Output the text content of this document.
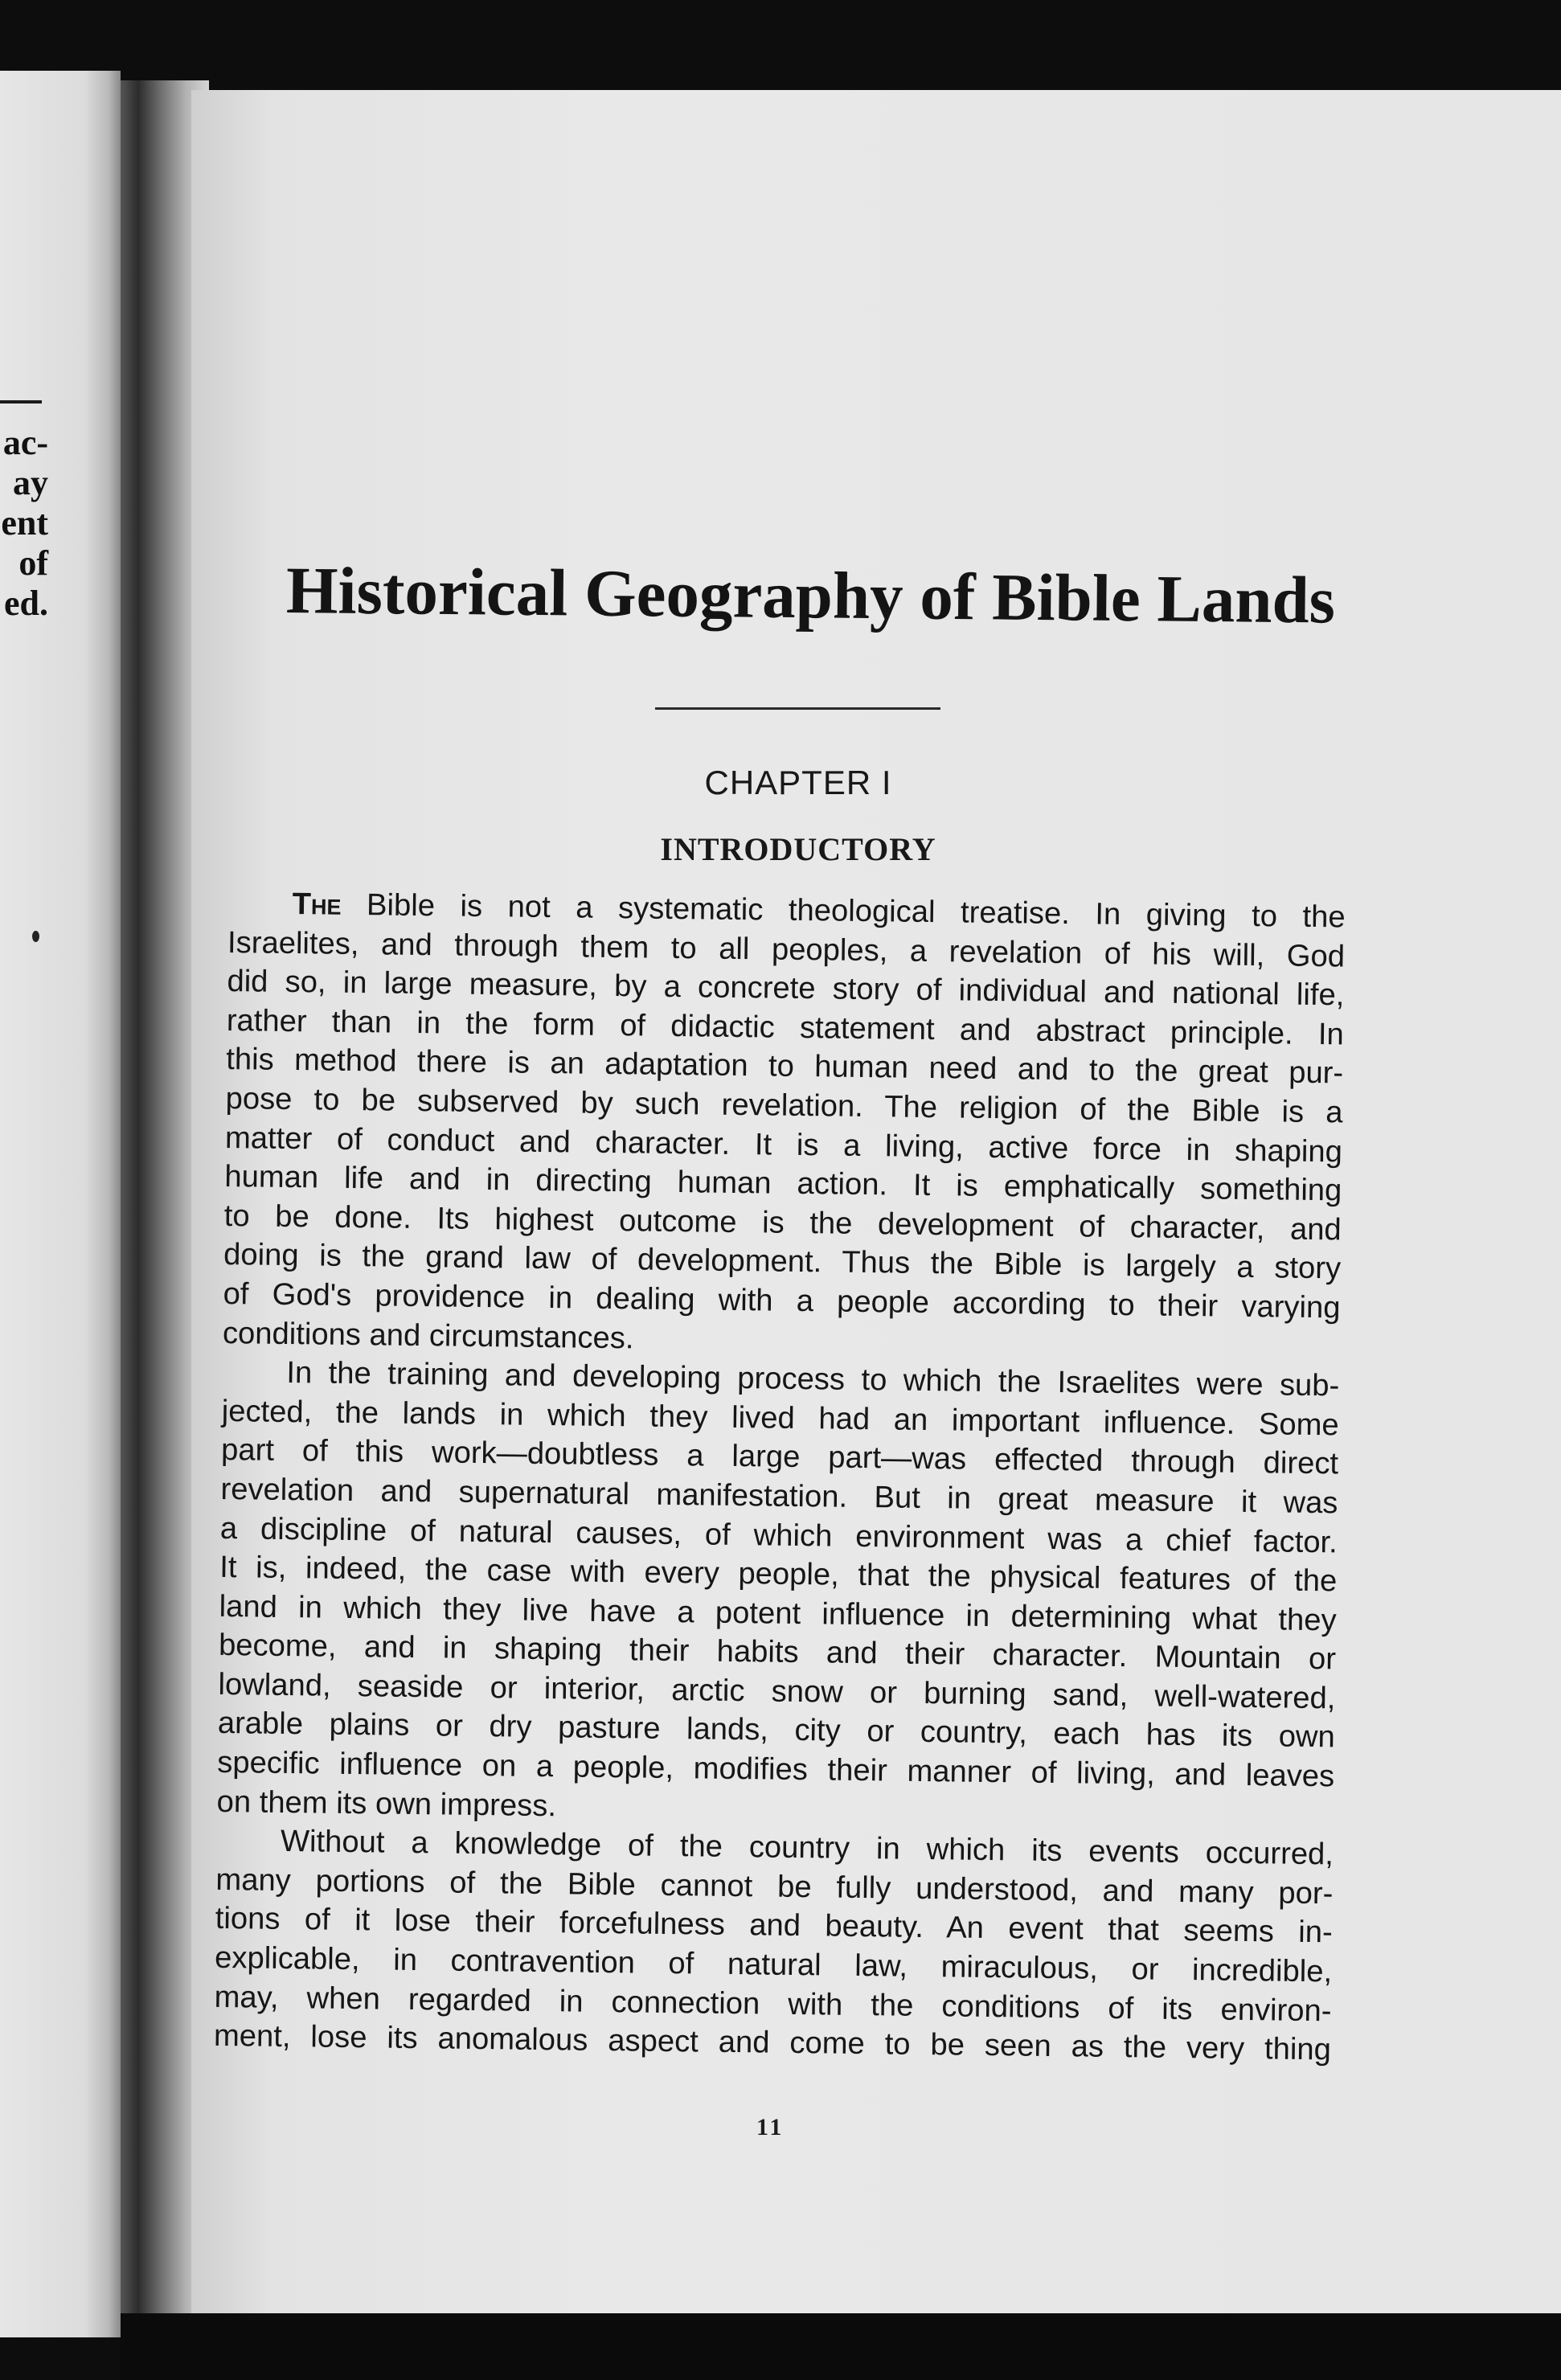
ac-
ay
ent
of
ed.	Historical Geography of Bible Lands
CHAPTER I
INTRODUCTORY
The Bible is not a systematic theological treatise. In giving to the
Israelites, and through them to all peoples, a revelation of his will, God
did so, in large measure, by a concrete story of individual and national life,
rather than in the form of didactic statement and abstract principle. In
this method there is an adaptation to human need and to the great pur-
pose to be subserved by such revelation. The religion of the Bible is a
matter of conduct and character. It is a living, active force in shaping
human life and in directing human action. It is emphatically something
to be done. Its highest outcome is the development of character, and
doing is the grand law of development. Thus the Bible is largely a story
of God's providence in dealing with a people according to their varying
conditions and circumstances.
In the training and developing process to which the Israelites were sub-
jected, the lands in which they lived had an important influence. Some
part of this work—doubtless a large part—was effected through direct
revelation and supernatural manifestation. But in great measure it was
a discipline of natural causes, of which environment was a chief factor.
It is, indeed, the case with every people, that the physical features of the
land in which they live have a potent influence in determining what they
become, and in shaping their habits and their character. Mountain or
lowland, seaside or interior, arctic snow or burning sand, well-watered,
arable plains or dry pasture lands, city or country, each has its own
specific influence on a people, modifies their manner of living, and leaves
on them its own impress.
Without a knowledge of the country in which its events occurred,
many portions of the Bible cannot be fully understood, and many por-
tions of it lose their forcefulness and beauty. An event that seems in-
explicable, in contravention of natural law, miraculous, or incredible,
may, when regarded in connection with the conditions of its environ-
ment, lose its anomalous aspect and come to be seen as the very thing
11
